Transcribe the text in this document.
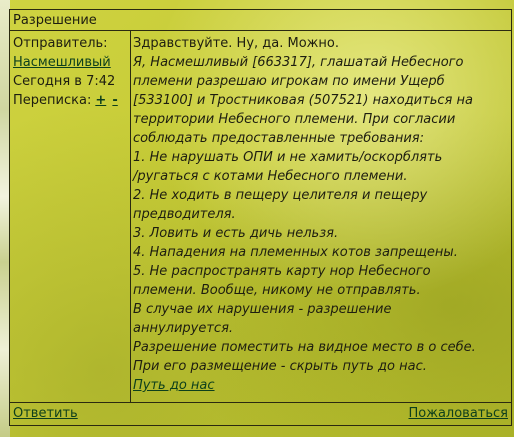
Разрешение
Отправитель:
Насмешливый
Сегодня в 7:42
Переписка: + -
Здравствуйте. Ну, да. Можно.
Я, Насмешливый [663317], глашатай Небесного
племени разрешаю игрокам по имени Ущерб
[533100] и Тростниковая (507521) находиться на
территории Небесного племени. При согласии
соблюдать предоставленные требования:
1. Не нарушать ОПИ и не хамить/оскорблять
/ругаться с котами Небесного племени.
2. Не ходить в пещеру целителя и пещеру
предводителя.
3. Ловить и есть дичь нельзя.
4. Нападения на племенных котов запрещены.
5. Не распространять карту нор Небесного
племени. Вообще, никому не отправлять.
В случае их нарушения - разрешение
аннулируется.
Разрешение поместить на видное место в о себе.
При его размещение - скрыть путь до нас.
Путь до нас
Ответить	Пожаловаться
